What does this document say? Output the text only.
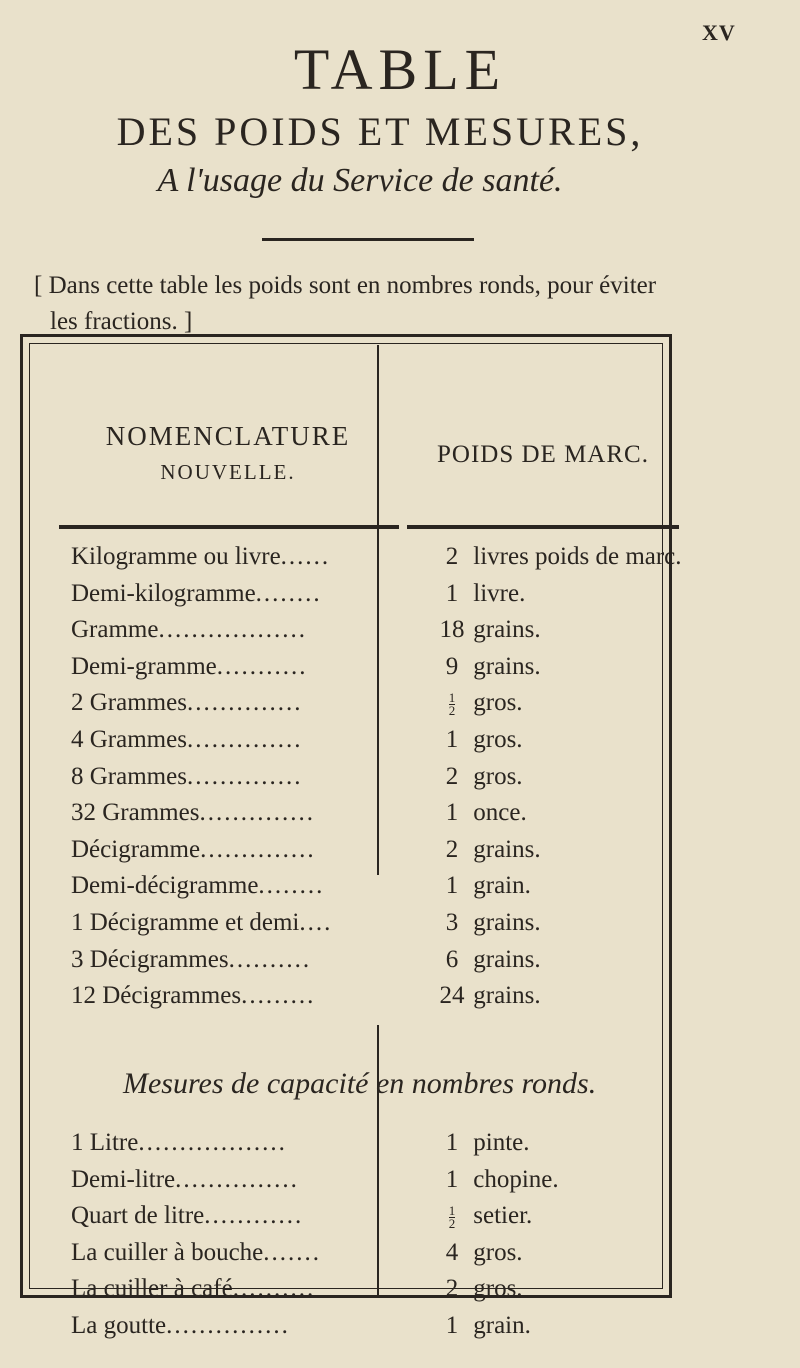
XV
TABLE
DES POIDS ET MESURES,
A l'usage du Service de santé.
[ Dans cette table les poids sont en nombres ronds, pour éviter
les fractions. ]
NOMENCLATURE
NOUVELLE.
POIDS DE MARC.
Kilogramme ou livre......	2 livres poids de marc.
Demi-kilogramme........	1 livre.
Gramme..................	18 grains.
Demi-gramme...........	9 grains.
2 Grammes..............	$\frac{1}{2}$ gros.
4 Grammes..............	1 gros.
8 Grammes..............	2 gros.
32 Grammes..............	1 once.
Décigramme..............	2 grains.
Demi-décigramme........	1 grain.
1 Décigramme et demi....	3 grains.
3 Décigrammes..........	6 grains.
12 Décigrammes.........	24 grains.
Mesures de capacité en nombres ronds.
1 Litre..................	1 pinte.
Demi-litre...............	1 chopine.
Quart de litre............	$\frac{1}{2}$ setier.
La cuiller à bouche.......	4 gros.
La cuiller à café..........	2 gros.
La goutte...............	1 grain.
